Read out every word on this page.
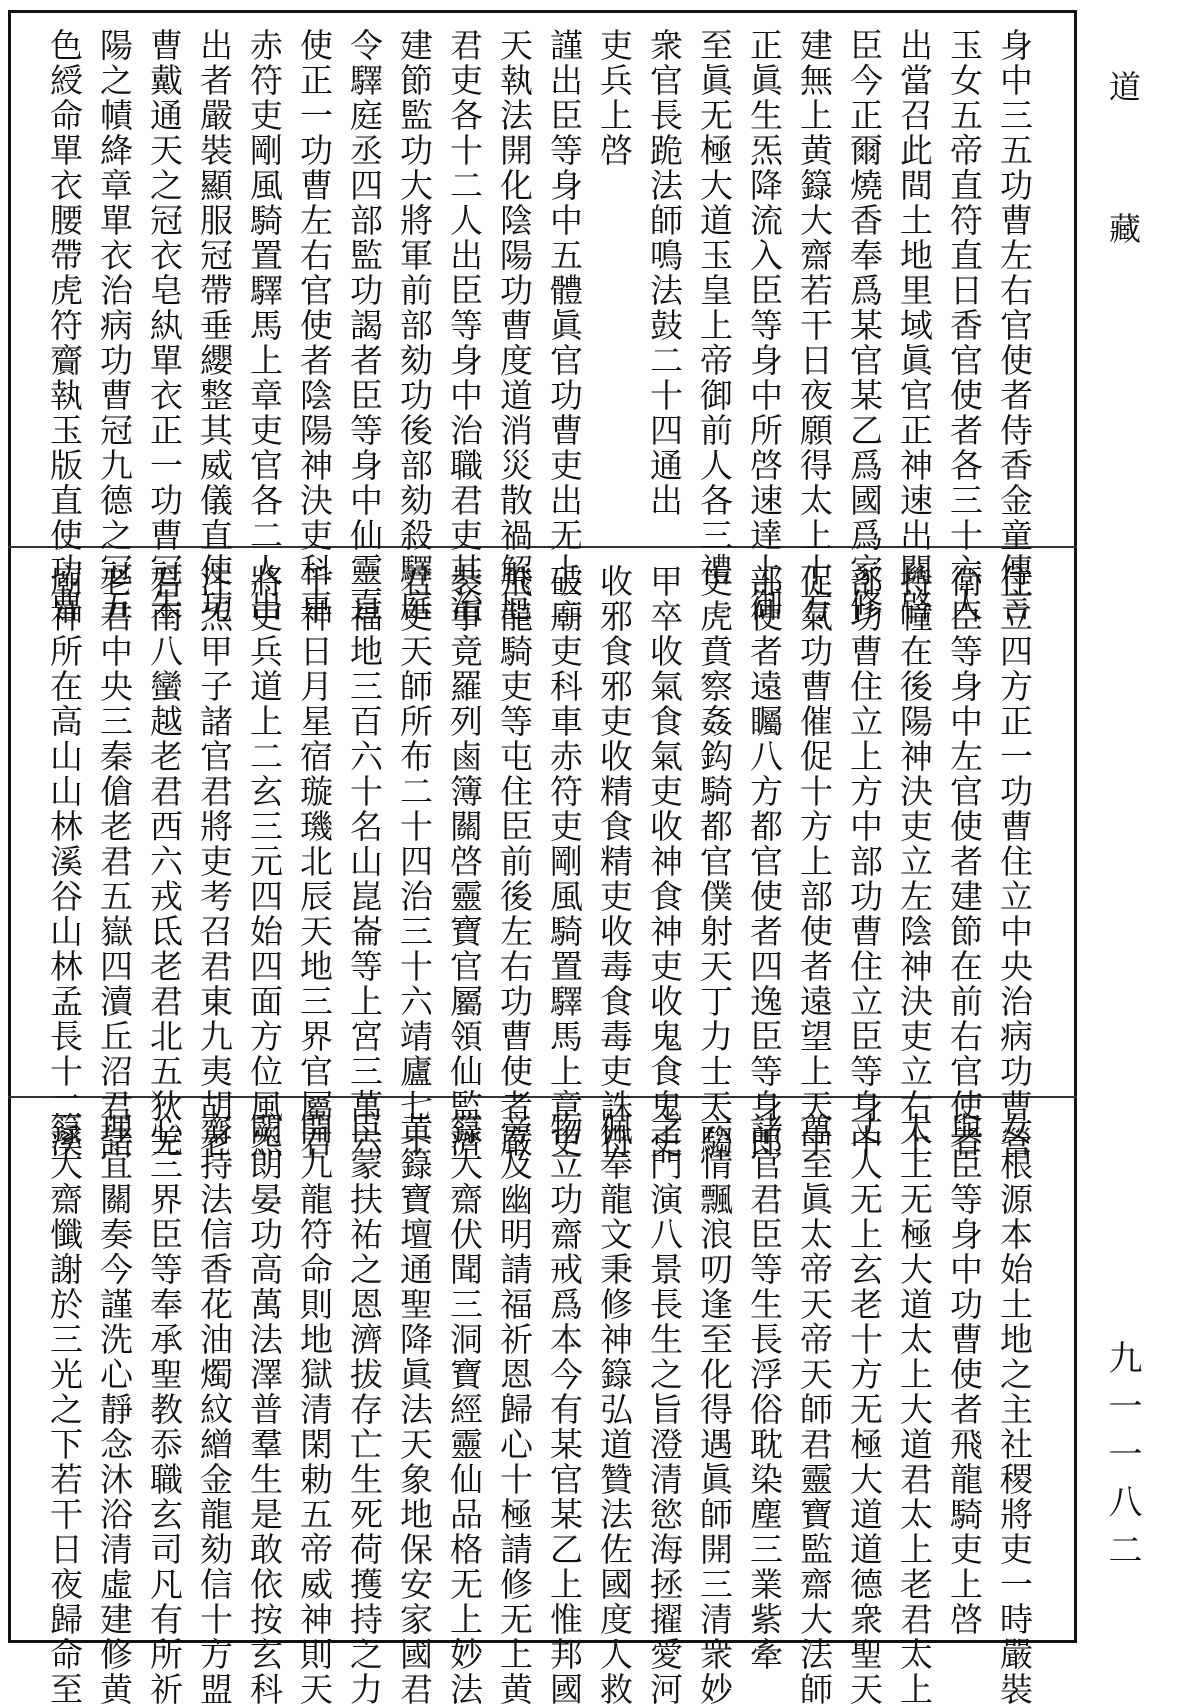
道藏
九一一八二
身中三五功曹左右官使者侍香金童傳言
玉女五帝直符直日香官使者各三十六人
出當召此間土地里域眞官正神速出關啓
臣今正爾燒香奉爲某官某乙爲國爲家修
建無上黄籙大齋若干日夜願得太上十方
正眞生炁降流入臣等身中所啓速達上御
至眞无極大道玉皇上帝御前人各三禮
衆官長跪法師鳴法鼓二十四通出
吏兵上啓
謹出臣等身中五體眞官功曹吏出无上三
天執法開化陰陽功曹度道消災散禍解厄
君吏各十二人出臣等身中治職君吏其治
建節監功大將軍前部劾功後部劾殺驛庭
令驛庭丞四部監功謁者臣等身中仙靈直
使正一功曹左右官使者陰陽神決吏科車
赤符吏剛風騎置驛馬上章吏官各二人出
出者嚴裝顯服冠帶垂纓整其威儀直使功
曹戴通天之冠衣皂紈單衣正一功曹冠朱
陽之幘絳章單衣治病功曹冠九德之冠五
色綬命單衣腰帶虎符齎執玉版直使功曹
住立四方正一功曹住立中央治病功曹營
衛臣等身中左官使者建節在前右官使者
持幢在後陽神決吏立左陰神決吏立右上
部功曹住立上方中部功曹住立臣等身中
促氣功曹催促十方上部使者遠望上天中
部使者遠矚八方都官使者四逸臣等身郎
吏虎賁察姦鈎騎都官僕射天丁力士天騶
甲卒收氣食氣吏收神食神吏收鬼食鬼吏
收邪食邪吏收精食精吏收毒食毒吏誅符
破廟吏科車赤符吏剛風騎置驛馬上章吏
飛龍騎吏等屯住臣前後左右功曹使者嚴
裝事竟羅列鹵簿關啓靈寶官屬領仙監濟
君吏天師所布二十四治三十六靖廬七十
二福地三百六十名山崑崙等上宮三萬六
千神日月星宿璇璣北辰天地三界官屬君
將吏兵道上二玄三元四始四面方位風炁
注炁甲子諸官君將吏考召君東九夷胡老
君南八蠻越老君西六戎氐老君北五狄羌
老君中央三秦傖老君五嶽四瀆丘沼君諸
廟神所在高山山林溪谷山林孟長十二溪
女根源本始土地之主社稷將吏一時嚴裝
與臣等身中功曹使者飛龍騎吏上啓
太上无極大道太上大道君太上老君太上
丈人无上玄老十方无極大道道德衆聖天
尊至眞太帝天帝天師君靈寶監齋大法師
諸官君臣等生長浮俗耽染塵三業紫牽
六情飄浪叨逢至化得遇眞師開三清衆妙
之門演八景長生之旨澄清慾海拯擢愛河
佩奉龍文秉修神籙弘道贊法佐國度人救
物立功齋戒爲本今有某官某乙上惟邦國
旁及幽明請福祈恩歸心十極請修无上黄
籙大齋伏聞三洞寶經靈仙品格无上妙法
黄籙寶壇通聖降眞法天象地保安家國君
臣蒙扶祐之恩濟拔存亡生死荷擭持之力
開九龍符命則地獄清閑勅五帝威神則天
闕朗晏功高萬法澤普羣生是敢依按玄科
齋持法信香花油燭紋繒金龍劾信十方盟
心三界臣等奉承聖教忝職玄司凡有所祈
理宜關奏今謹洗心靜念沐浴清虛建修黄
籙大齋懺謝於三光之下若干日夜歸命至
